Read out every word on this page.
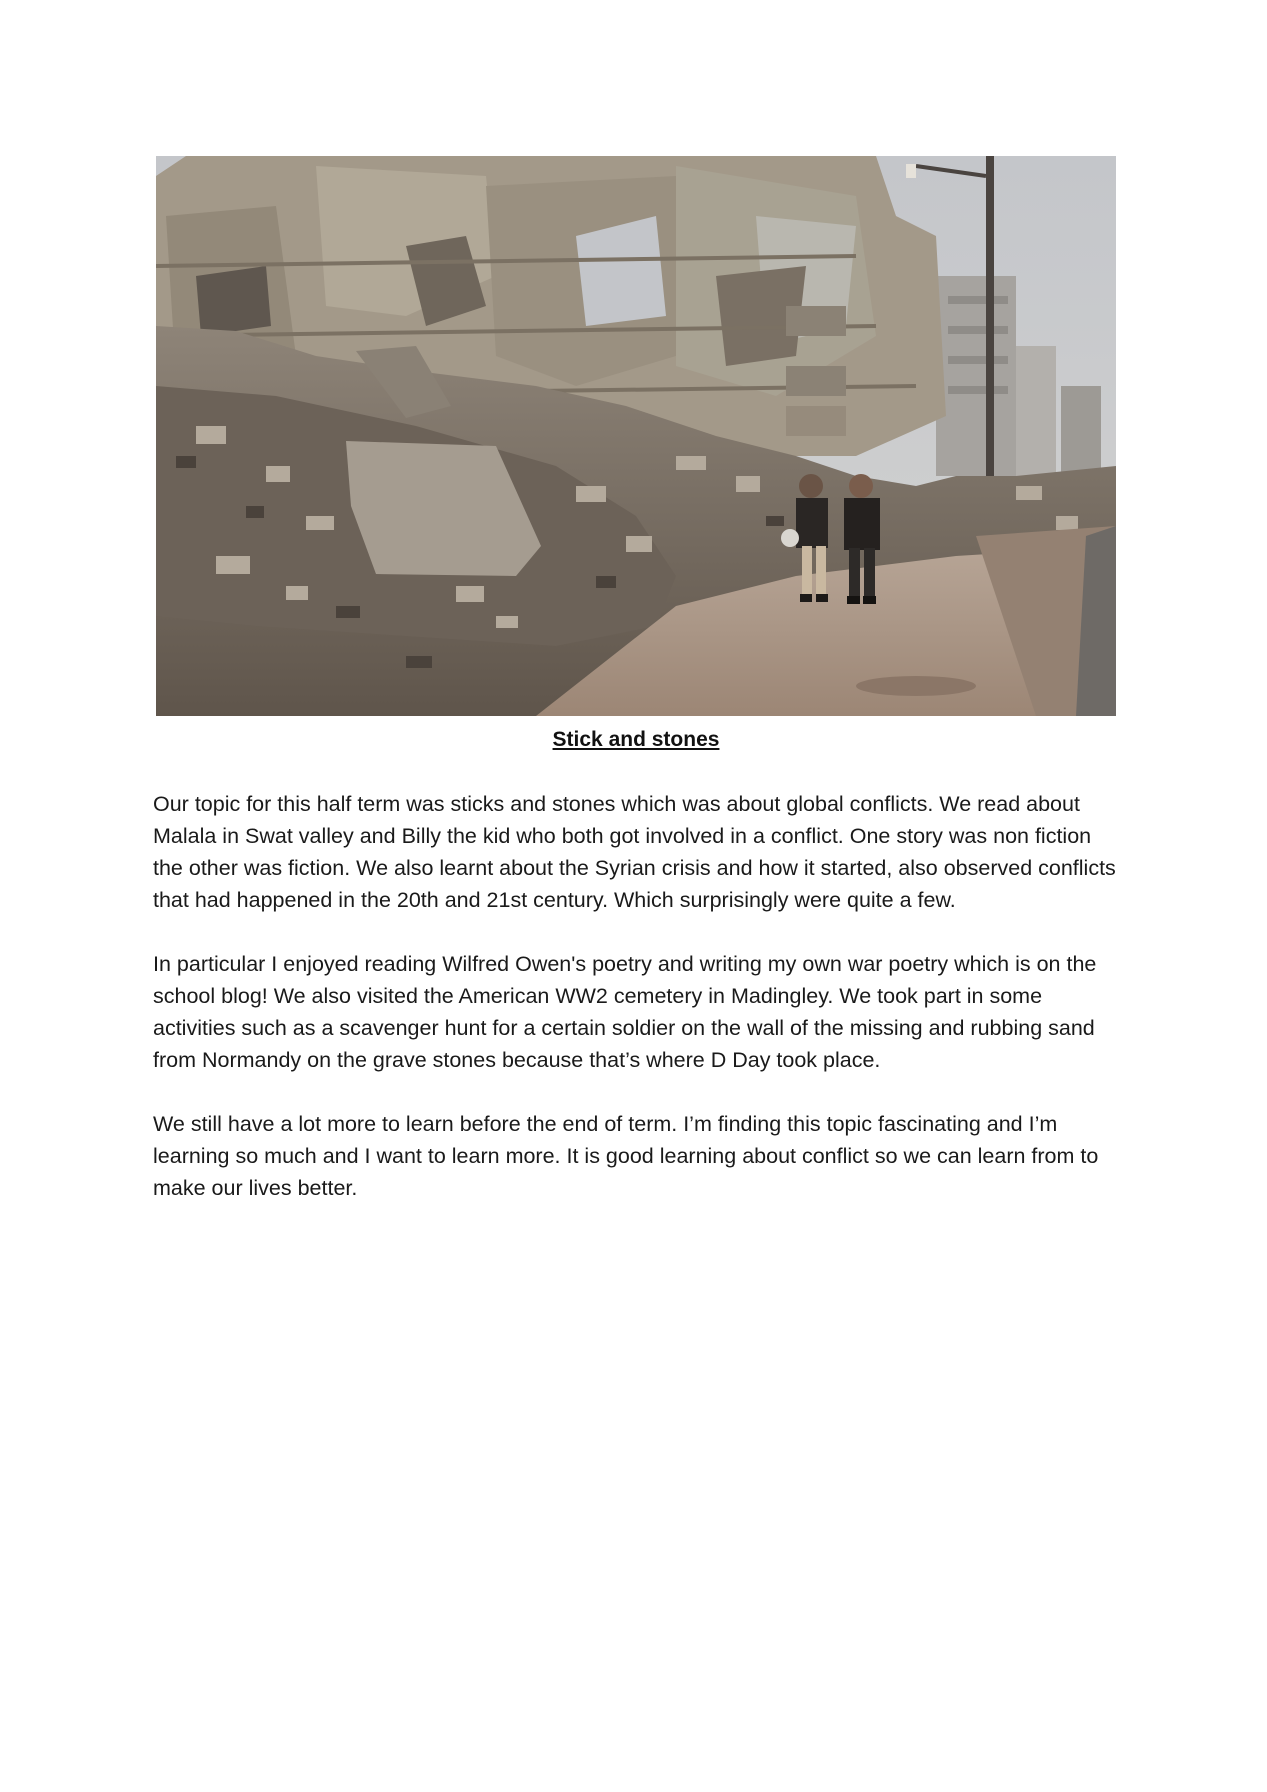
Stick and stones

Our topic for this half term was sticks and stones which was about global conflicts. We read about Malala in Swat valley and Billy the kid who both got involved in a conflict. One story was non fiction the other was fiction. We also learnt about the Syrian crisis and how it started, also observed conflicts that had happened in the 20th and 21st century. Which surprisingly were quite a few.

In particular I enjoyed reading Wilfred Owen's poetry and writing my own war poetry which is on the school blog! We also visited the American WW2 cemetery in Madingley. We took part in some activities such as a scavenger hunt for a certain soldier on the wall of the missing and rubbing sand from Normandy on the grave stones because that’s where D Day took place.

We still have a lot more to learn before the end of term. I’m finding this topic fascinating and I’m learning so much and I want to learn more. It is good learning about conflict so we can learn from to make our lives better.
